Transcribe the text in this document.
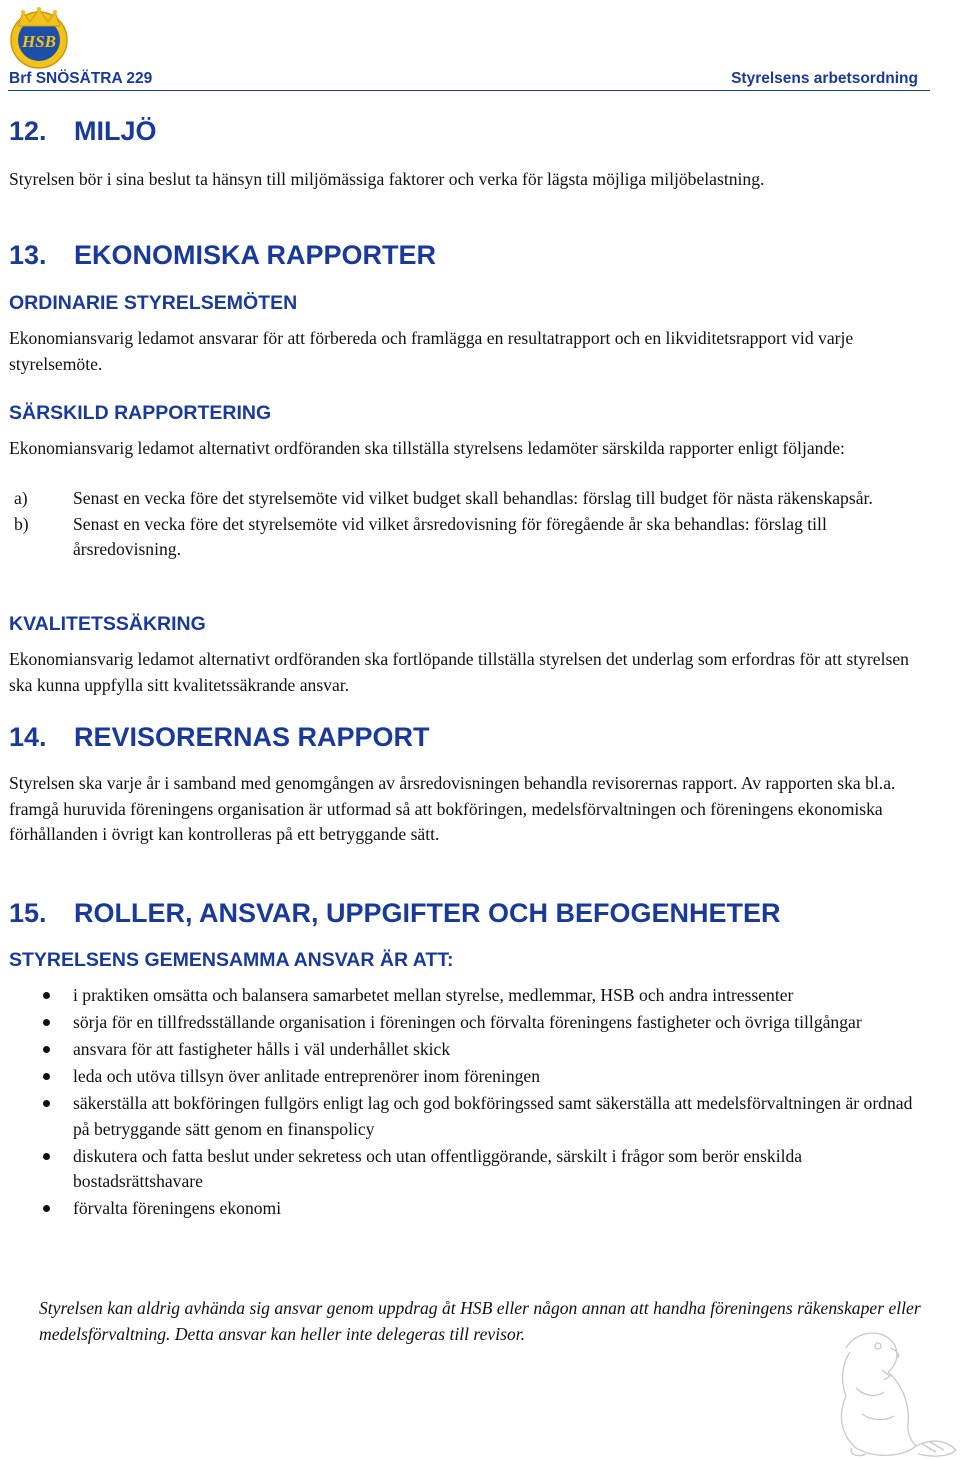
HSB
Brf SNÖSÄTRA 229	Styrelsens arbetsordning
12. MILJÖ

Styrelsen bör i sina beslut ta hänsyn till miljömässiga faktorer och verka för lägsta möjliga miljöbelastning.

13. EKONOMISKA RAPPORTER
ORDINARIE STYRELSEMÖTEN

Ekonomiansvarig ledamot ansvarar för att förbereda och framlägga en resultatrapport och en likviditetsrapport vid varje styrelsemöte.

SÄRSKILD RAPPORTERING

Ekonomiansvarig ledamot alternativt ordföranden ska tillställa styrelsens ledamöter särskilda rapporter enligt följande:

a)	Senast en vecka före det styrelsemöte vid vilket budget skall behandlas: förslag till budget för nästa räkenskapsår.
b)	Senast en vecka före det styrelsemöte vid vilket årsredovisning för föregående år ska behandlas: förslag till årsredovisning.
KVALITETSSÄKRING

Ekonomiansvarig ledamot alternativt ordföranden ska fortlöpande tillställa styrelsen det underlag som erfordras för att styrelsen ska kunna uppfylla sitt kvalitetssäkrande ansvar.

14. REVISORERNAS RAPPORT

Styrelsen ska varje år i samband med genomgången av årsredovisningen behandla revisorernas rapport. Av rapporten ska bl.a. framgå huruvida föreningens organisation är utformad så att bokföringen, medelsförvaltningen och föreningens ekonomiska förhållanden i övrigt kan kontrolleras på ett betryggande sätt.

15. ROLLER, ANSVAR, UPPGIFTER OCH BEFOGENHETER
STYRELSENS GEMENSAMMA ANSVAR ÄR ATT:
i praktiken omsätta och balansera samarbetet mellan styrelse, medlemmar, HSB och andra intressenter
sörja för en tillfredsställande organisation i föreningen och förvalta föreningens fastigheter och övriga tillgångar
ansvara för att fastigheter hålls i väl underhållet skick
leda och utöva tillsyn över anlitade entreprenörer inom föreningen
säkerställa att bokföringen fullgörs enligt lag och god bokföringssed samt säkerställa att medelsförvaltningen är ordnad på betryggande sätt genom en finanspolicy
diskutera och fatta beslut under sekretess och utan offentliggörande, särskilt i frågor som berör enskilda bostadsrättshavare
förvalta föreningens ekonomi

Styrelsen kan aldrig avhända sig ansvar genom uppdrag åt HSB eller någon annan att handha föreningens räkenskaper eller medelsförvaltning. Detta ansvar kan heller inte delegeras till revisor.
